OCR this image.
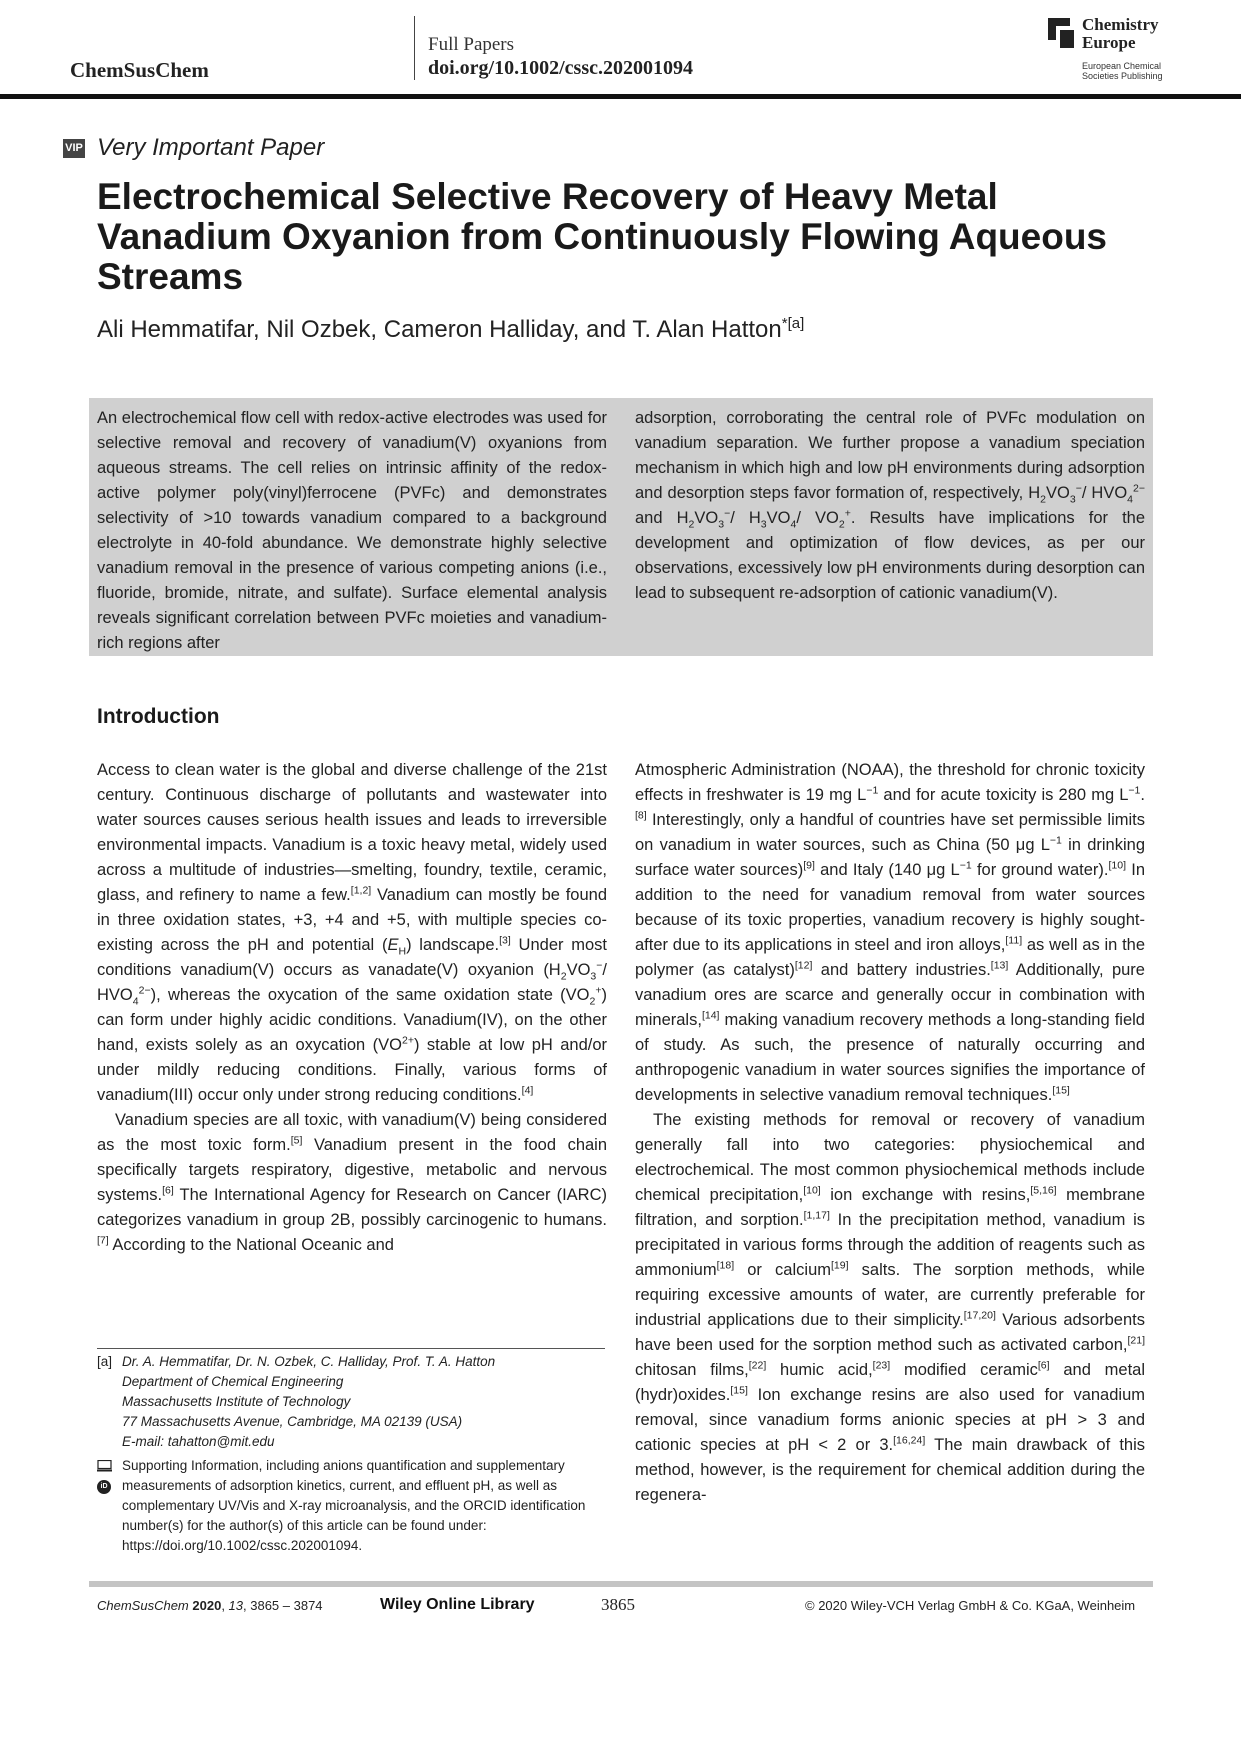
ChemSusChem
Full Papers
doi.org/10.1002/cssc.202001094
Chemistry
Europe
European Chemical
Societies Publishing
VIP Very Important Paper
Electrochemical Selective Recovery of Heavy Metal Vanadium Oxyanion from Continuously Flowing Aqueous Streams
Ali Hemmatifar, Nil Ozbek, Cameron Halliday, and T. Alan Hatton$^{*[a]}$
An electrochemical flow cell with redox-active electrodes was used for selective removal and recovery of vanadium(V) oxyanions from aqueous streams. The cell relies on intrinsic affinity of the redox-active polymer poly(vinyl)ferrocene (PVFc) and demonstrates selectivity of >10 towards vanadium compared to a background electrolyte in 40-fold abundance. We demonstrate highly selective vanadium removal in the presence of various competing anions (i.e., fluoride, bromide, nitrate, and sulfate). Surface elemental analysis reveals significant correlation between PVFc moieties and vanadium-rich regions after
adsorption, corroborating the central role of PVFc modulation on vanadium separation. We further propose a vanadium speciation mechanism in which high and low pH environments during adsorption and desorption steps favor formation of, respectively, $H_2VO_3^-/$ $HVO_4^{2-}$ and $H_2VO_3^-/$ $H_3VO_4/$ $VO_2^+$. Results have implications for the development and optimization of flow devices, as per our observations, excessively low pH environments during desorption can lead to subsequent re-adsorption of cationic vanadium(V).
Introduction

Access to clean water is the global and diverse challenge of the 21st century. Continuous discharge of pollutants and wastewater into water sources causes serious health issues and leads to irreversible environmental impacts. Vanadium is a toxic heavy metal, widely used across a multitude of industries—smelting, foundry, textile, ceramic, glass, and refinery to name a few.[1,2] Vanadium can mostly be found in three oxidation states, +3, +4 and +5, with multiple species co-existing across the pH and potential $(E_H)$ landscape.[3] Under most conditions vanadium(V) occurs as vanadate(V) oxyanion ($H_2VO_3^-/$ $HVO_4^{2-}$), whereas the oxycation of the same oxidation state $(VO_2^+)$ can form under highly acidic conditions. Vanadium(IV), on the other hand, exists solely as an oxycation $(VO^{2+})$ stable at low pH and/or under mildly reducing conditions. Finally, various forms of vanadium(III) occur only under strong reducing conditions.[4]

Vanadium species are all toxic, with vanadium(V) being considered as the most toxic form.[5] Vanadium present in the food chain specifically targets respiratory, digestive, metabolic and nervous systems.[6] The International Agency for Research on Cancer (IARC) categorizes vanadium in group 2B, possibly carcinogenic to humans.[7] According to the National Oceanic and

Atmospheric Administration (NOAA), the threshold for chronic toxicity effects in freshwater is 19 mg $L^{-1}$ and for acute toxicity is 280 mg $L^{-1}.[8]$ Interestingly, only a handful of countries have set permissible limits on vanadium in water sources, such as China (50 μg $L^{-1}$ in drinking surface water sources)[9] and Italy (140 μg $L^{-1}$ for ground water).[10] In addition to the need for vanadium removal from water sources because of its toxic properties, vanadium recovery is highly sought-after due to its applications in steel and iron alloys,[11] as well as in the polymer (as catalyst)[12] and battery industries.[13] Additionally, pure vanadium ores are scarce and generally occur in combination with minerals,[14] making vanadium recovery methods a long-standing field of study. As such, the presence of naturally occurring and anthropogenic vanadium in water sources signifies the importance of developments in selective vanadium removal techniques.[15]

The existing methods for removal or recovery of vanadium generally fall into two categories: physiochemical and electrochemical. The most common physiochemical methods include chemical precipitation,[10] ion exchange with resins,[5,16] membrane filtration, and sorption.[1,17] In the precipitation method, vanadium is precipitated in various forms through the addition of reagents such as ammonium[18] or calcium[19] salts. The sorption methods, while requiring excessive amounts of water, are currently preferable for industrial applications due to their simplicity.[17,20] Various adsorbents have been used for the sorption method such as activated carbon,[21] chitosan films,[22] humic acid,[23] modified ceramic[6] and metal (hydr)oxides.[15] Ion exchange resins are also used for vanadium removal, since vanadium forms anionic species at pH > 3 and cationic species at pH < 2 or 3.[16,24] The main drawback of this method, however, is the requirement for chemical addition during the regenera-

[a] Dr. A. Hemmatifar, Dr. N. Ozbek, C. Halliday, Prof. T. A. Hatton
Department of Chemical Engineering
Massachusetts Institute of Technology
77 Massachusetts Avenue, Cambridge, MA 02139 (USA)
E-mail: tahatton@mit.edu
iD
Supporting Information, including anions quantification and supplementary measurements of adsorption kinetics, current, and effluent pH, as well as complementary UV/Vis and X-ray microanalysis, and the ORCID identification number(s) for the author(s) of this article can be found under: https://doi.org/10.1002/cssc.202001094.
ChemSusChem 2020, 13, 3865 – 3874	Wiley Online Library	3865	© 2020 Wiley-VCH Verlag GmbH & Co. KGaA, Weinheim
